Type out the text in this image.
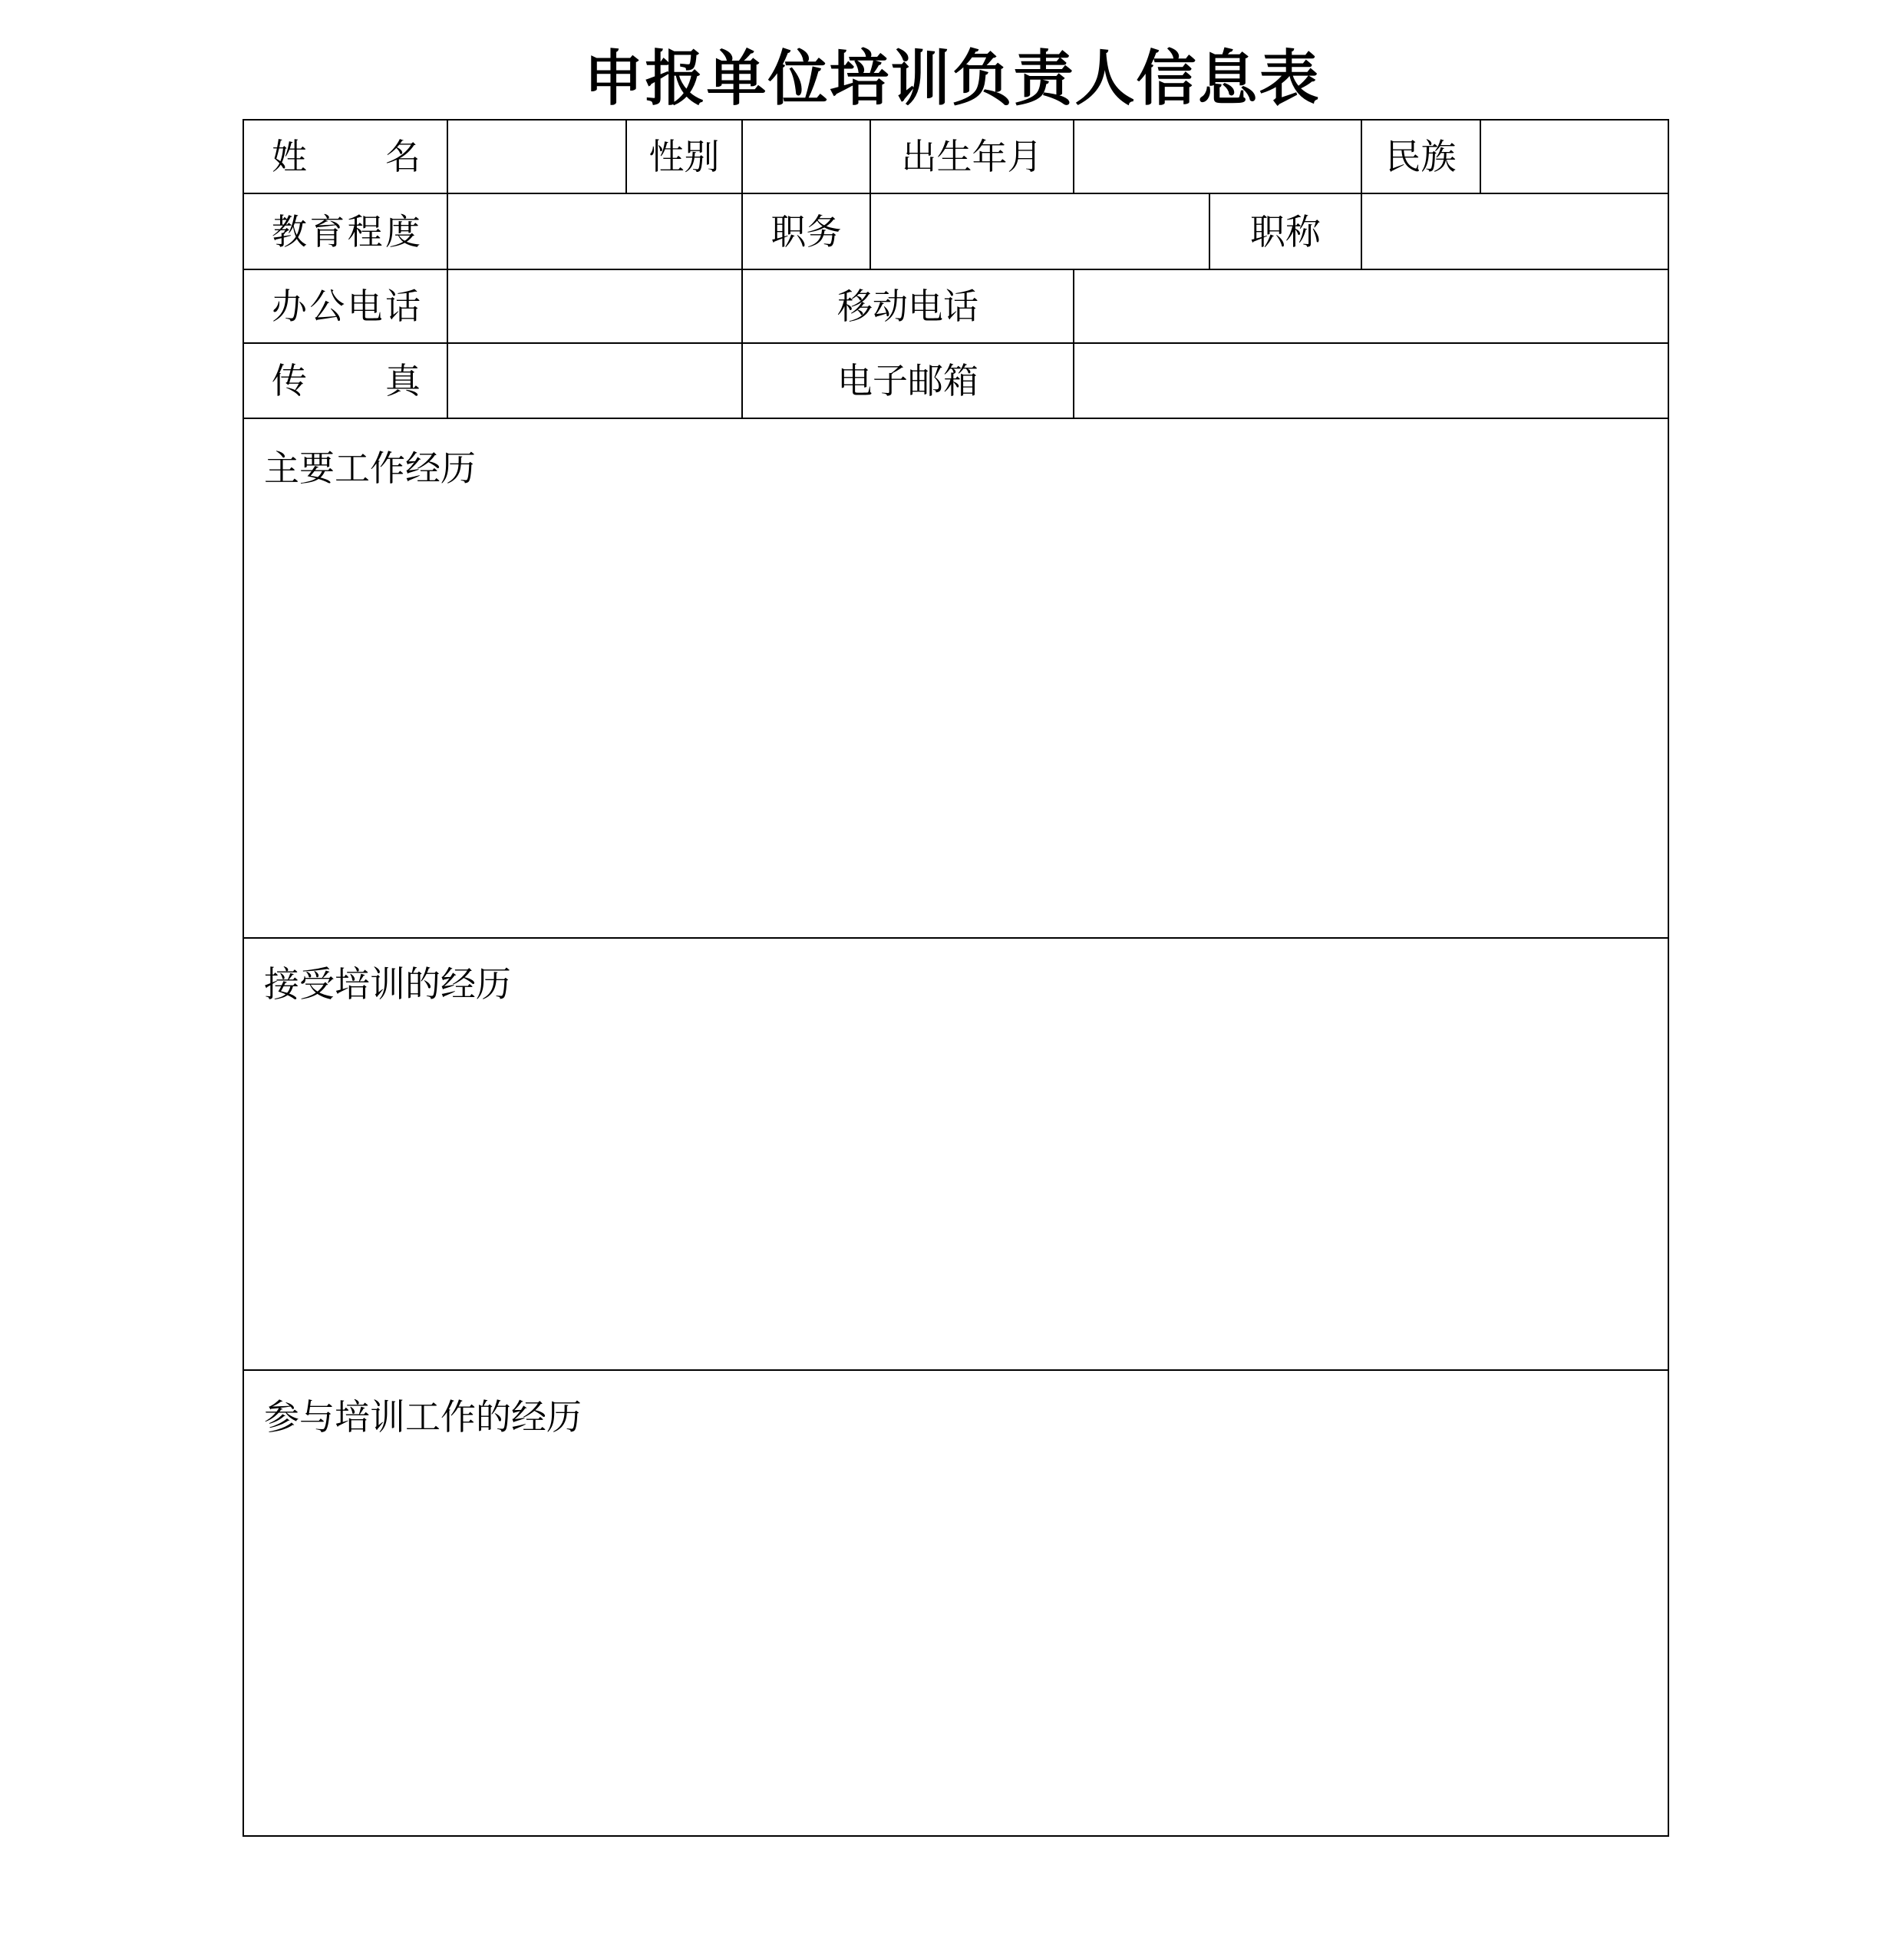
申报单位培训负责人信息表
姓 名	性别	出生年月	民族
教育程度	职务	职称
办公电话	移动电话
传 真	电子邮箱
主要工作经历
接受培训的经历
参与培训工作的经历
